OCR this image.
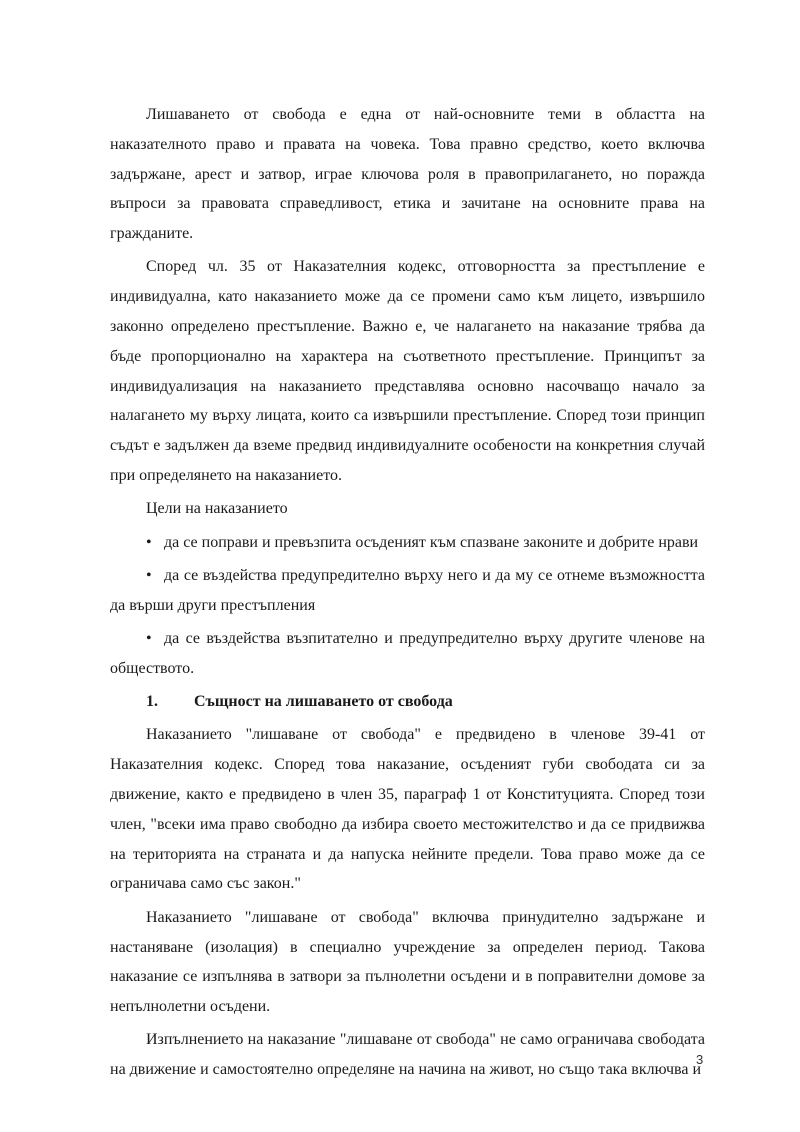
Лишаването от свобода е една от най-основните теми в областта на наказателното право и правата на човека. Това правно средство, което включва задържане, арест и затвор, играе ключова роля в правоприлагането, но поражда въпроси за правовата справедливост, етика и зачитане на основните права на гражданите.

Според чл. 35 от Наказателния кодекс, отговорността за престъпление е индивидуална, като наказанието може да се промени само към лицето, извършило законно определено престъпление. Важно е, че налагането на наказание трябва да бъде пропорционално на характера на съответното престъпление. Принципът за индивидуализация на наказанието представлява основно насочващо начало за налагането му върху лицата, които са извършили престъпление. Според този принцип съдът е задължен да вземе предвид индивидуалните особености на конкретния случай при определянето на наказанието.

Цели на наказанието

• да се поправи и превъзпита осъденият към спазване законите и добрите нрави

• да се въздейства предупредително върху него и да му се отнеме възможността да върши други престъпления

• да се въздейства възпитателно и предупредително върху другите членове на обществото.

1. Същност на лишаването от свобода

Наказанието "лишаване от свобода" е предвидено в членове 39-41 от Наказателния кодекс. Според това наказание, осъденият губи свободата си за движение, както е предвидено в член 35, параграф 1 от Конституцията. Според този член, "всеки има право свободно да избира своето местожителство и да се придвижва на територията на страната и да напуска нейните предели. Това право може да се ограничава само със закон."

Наказанието "лишаване от свобода" включва принудително задържане и настаняване (изолация) в специално учреждение за определен период. Такова наказание се изпълнява в затвори за пълнолетни осъдени и в поправителни домове за непълнолетни осъдени.

Изпълнението на наказание "лишаване от свобода" не само ограничава свободата на движение и самостоятелно определяне на начина на живот, но също така включва и

3
